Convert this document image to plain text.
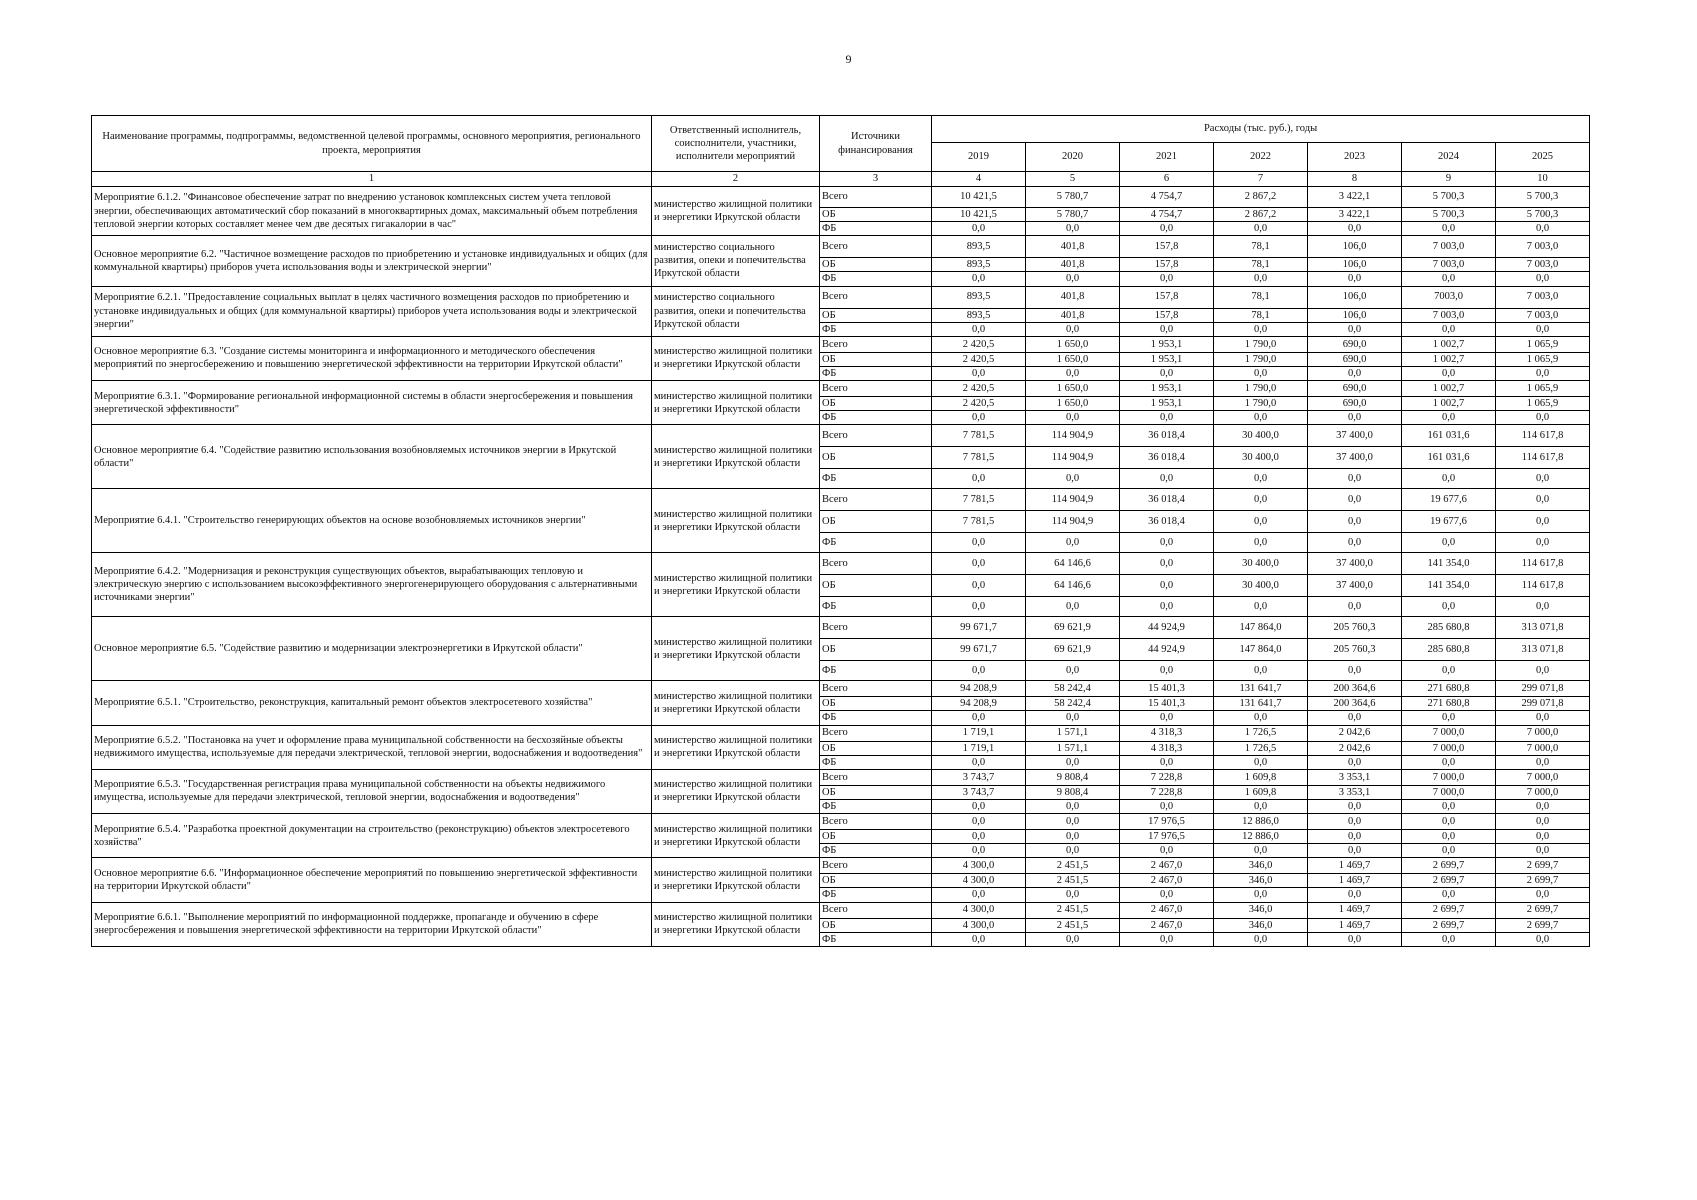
9
Наименование программы, подпрограммы, ведомственной целевой программы, основного мероприятия, регионального проекта, мероприятия	Ответственный исполнитель, соисполнители, участники, исполнители мероприятий	Источники финансирования	Расходы (тыс. руб.), годы						
			2019	2020	2021	2022	2023	2024	2025
1	2	3	4	5	6	7	8	9	10
Мероприятие 6.1.2. "Финансовое обеспечение затрат по внедрению установок комплексных систем учета тепловой энергии, обеспечивающих автоматический сбор показаний в многоквартирных домах, максимальный объем потребления тепловой энергии которых составляет менее чем две десятых гигакалории в час"	министерство жилищной политики и энергетики Иркутской области	Всего	10 421,5	5 780,7	4 754,7	2 867,2	3 422,1	5 700,3	5 700,3
		ОБ	10 421,5	5 780,7	4 754,7	2 867,2	3 422,1	5 700,3	5 700,3
		ФБ	0,0	0,0	0,0	0,0	0,0	0,0	0,0
Основное мероприятие 6.2. "Частичное возмещение расходов по приобретению и установке индивидуальных и общих (для коммунальной квартиры) приборов учета использования воды и электрической энергии"	министерство социального развития, опеки и попечительства Иркутской области	Всего	893,5	401,8	157,8	78,1	106,0	7 003,0	7 003,0
		ОБ	893,5	401,8	157,8	78,1	106,0	7 003,0	7 003,0
		ФБ	0,0	0,0	0,0	0,0	0,0	0,0	0,0
Мероприятие 6.2.1. "Предоставление социальных выплат в целях частичного возмещения расходов по приобретению и установке индивидуальных и общих (для коммунальной квартиры) приборов учета использования воды и электрической энергии"	министерство социального развития, опеки и попечительства Иркутской области	Всего	893,5	401,8	157,8	78,1	106,0	7003,0	7 003,0
		ОБ	893,5	401,8	157,8	78,1	106,0	7 003,0	7 003,0
		ФБ	0,0	0,0	0,0	0,0	0,0	0,0	0,0
Основное мероприятие 6.3. "Создание системы мониторинга и информационного и методического обеспечения мероприятий по энергосбережению и повышению энергетической эффективности на территории Иркутской области"	министерство жилищной политики и энергетики Иркутской области	Всего	2 420,5	1 650,0	1 953,1	1 790,0	690,0	1 002,7	1 065,9
		ОБ	2 420,5	1 650,0	1 953,1	1 790,0	690,0	1 002,7	1 065,9
		ФБ	0,0	0,0	0,0	0,0	0,0	0,0	0,0
Мероприятие 6.3.1. "Формирование региональной информационной системы в области энергосбережения и повышения энергетической эффективности"	министерство жилищной политики и энергетики Иркутской области	Всего	2 420,5	1 650,0	1 953,1	1 790,0	690,0	1 002,7	1 065,9
		ОБ	2 420,5	1 650,0	1 953,1	1 790,0	690,0	1 002,7	1 065,9
		ФБ	0,0	0,0	0,0	0,0	0,0	0,0	0,0
Основное мероприятие 6.4. "Содействие развитию использования возобновляемых источников энергии в Иркутской области"	министерство жилищной политики и энергетики Иркутской области	Всего	7 781,5	114 904,9	36 018,4	30 400,0	37 400,0	161 031,6	114 617,8
		ОБ	7 781,5	114 904,9	36 018,4	30 400,0	37 400,0	161 031,6	114 617,8
		ФБ	0,0	0,0	0,0	0,0	0,0	0,0	0,0
Мероприятие 6.4.1. "Строительство генерирующих объектов на основе возобновляемых источников энергии"	министерство жилищной политики и энергетики Иркутской области	Всего	7 781,5	114 904,9	36 018,4	0,0	0,0	19 677,6	0,0
		ОБ	7 781,5	114 904,9	36 018,4	0,0	0,0	19 677,6	0,0
		ФБ	0,0	0,0	0,0	0,0	0,0	0,0	0,0
Мероприятие 6.4.2. "Модернизация и реконструкция существующих объектов, вырабатывающих тепловую и электрическую энергию с использованием высокоэффективного энергогенерирующего оборудования с альтернативными источниками энергии"	министерство жилищной политики и энергетики Иркутской области	Всего	0,0	64 146,6	0,0	30 400,0	37 400,0	141 354,0	114 617,8
		ОБ	0,0	64 146,6	0,0	30 400,0	37 400,0	141 354,0	114 617,8
		ФБ	0,0	0,0	0,0	0,0	0,0	0,0	0,0
Основное мероприятие 6.5. "Содействие развитию и модернизации электроэнергетики в Иркутской области"	министерство жилищной политики и энергетики Иркутской области	Всего	99 671,7	69 621,9	44 924,9	147 864,0	205 760,3	285 680,8	313 071,8
		ОБ	99 671,7	69 621,9	44 924,9	147 864,0	205 760,3	285 680,8	313 071,8
		ФБ	0,0	0,0	0,0	0,0	0,0	0,0	0,0
Мероприятие 6.5.1. "Строительство, реконструкция, капитальный ремонт объектов электросетевого хозяйства"	министерство жилищной политики и энергетики Иркутской области	Всего	94 208,9	58 242,4	15 401,3	131 641,7	200 364,6	271 680,8	299 071,8
		ОБ	94 208,9	58 242,4	15 401,3	131 641,7	200 364,6	271 680,8	299 071,8
		ФБ	0,0	0,0	0,0	0,0	0,0	0,0	0,0
Мероприятие 6.5.2. "Постановка на учет и оформление права муниципальной собственности на бесхозяйные объекты недвижимого имущества, используемые для передачи электрической, тепловой энергии, водоснабжения и водоотведения"	министерство жилищной политики и энергетики Иркутской области	Всего	1 719,1	1 571,1	4 318,3	1 726,5	2 042,6	7 000,0	7 000,0
		ОБ	1 719,1	1 571,1	4 318,3	1 726,5	2 042,6	7 000,0	7 000,0
		ФБ	0,0	0,0	0,0	0,0	0,0	0,0	0,0
Мероприятие 6.5.3. "Государственная регистрация права муниципальной собственности на объекты недвижимого имущества, используемые для передачи электрической, тепловой энергии, водоснабжения и водоотведения"	министерство жилищной политики и энергетики Иркутской области	Всего	3 743,7	9 808,4	7 228,8	1 609,8	3 353,1	7 000,0	7 000,0
		ОБ	3 743,7	9 808,4	7 228,8	1 609,8	3 353,1	7 000,0	7 000,0
		ФБ	0,0	0,0	0,0	0,0	0,0	0,0	0,0
Мероприятие 6.5.4. "Разработка проектной документации на строительство (реконструкцию) объектов электросетевого хозяйства"	министерство жилищной политики и энергетики Иркутской области	Всего	0,0	0,0	17 976,5	12 886,0	0,0	0,0	0,0
		ОБ	0,0	0,0	17 976,5	12 886,0	0,0	0,0	0,0
		ФБ	0,0	0,0	0,0	0,0	0,0	0,0	0,0
Основное мероприятие 6.6. "Информационное обеспечение мероприятий по повышению энергетической эффективности на территории Иркутской области"	министерство жилищной политики и энергетики Иркутской области	Всего	4 300,0	2 451,5	2 467,0	346,0	1 469,7	2 699,7	2 699,7
		ОБ	4 300,0	2 451,5	2 467,0	346,0	1 469,7	2 699,7	2 699,7
		ФБ	0,0	0,0	0,0	0,0	0,0	0,0	0,0
Мероприятие 6.6.1. "Выполнение мероприятий по информационной поддержке, пропаганде и обучению в сфере энергосбережения и повышения энергетической эффективности на территории Иркутской области"	министерство жилищной политики и энергетики Иркутской области	Всего	4 300,0	2 451,5	2 467,0	346,0	1 469,7	2 699,7	2 699,7
		ОБ	4 300,0	2 451,5	2 467,0	346,0	1 469,7	2 699,7	2 699,7
		ФБ	0,0	0,0	0,0	0,0	0,0	0,0	0,0
